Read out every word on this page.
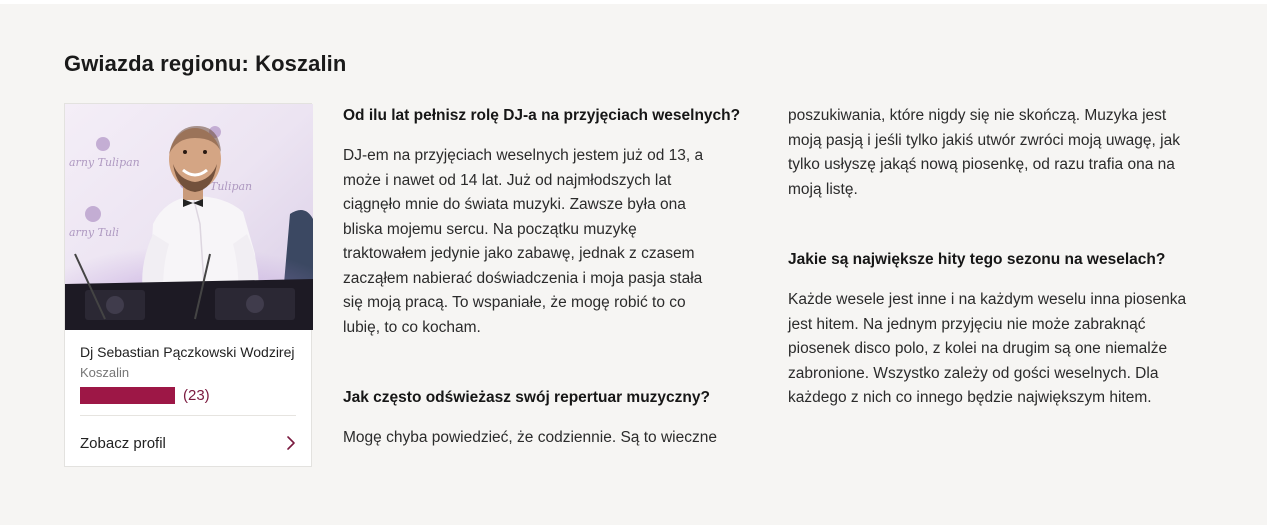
Gwiazda regionu: Koszalin
arny Tulipan
Tulipan
Dj Sebastian Pączkowski Wodzirej
Koszalin
(23)
Zobacz profil

Od ilu lat pełnisz rolę DJ-a na przyjęciach weselnych?

DJ-em na przyjęciach weselnych jestem już od 13, a może i nawet od 14 lat. Już od najmłodszych lat ciągnęło mnie do świata muzyki. Zawsze była ona bliska mojemu sercu. Na początku muzykę traktowałem jedynie jako zabawę, jednak z czasem zacząłem nabierać doświadczenia i moja pasja stała się moją pracą. To wspaniałe, że mogę robić to co lubię, to co kocham.

Jak często odświeżasz swój repertuar muzyczny?

Mogę chyba powiedzieć, że codziennie. Są to wieczne

poszukiwania, które nigdy się nie skończą. Muzyka jest moją pasją i jeśli tylko jakiś utwór zwróci moją uwagę, jak tylko usłyszę jakąś nową piosenkę, od razu trafia ona na moją listę.

Jakie są największe hity tego sezonu na weselach?

Każde wesele jest inne i na każdym weselu inna piosenka jest hitem. Na jednym przyjęciu nie może zabraknąć piosenek disco polo, z kolei na drugim są one niemalże zabronione. Wszystko zależy od gości weselnych. Dla każdego z nich co innego będzie największym hitem.
